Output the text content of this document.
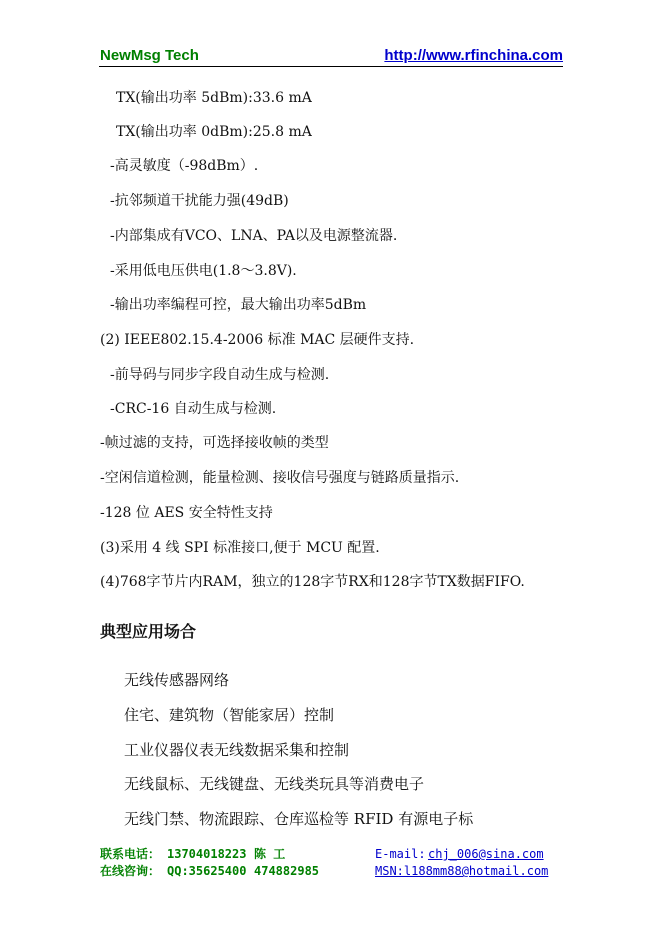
NewMsg Tech	http://www.rfinchina.com
TX(输出功率 5dBm):33.6 mA
TX(输出功率 0dBm):25.8 mA
-高灵敏度（-98dBm）.
-抗邻频道干扰能力强(49dB)
-内部集成有VCO、LNA、PA以及电源整流器.
-采用低电压供电(1.8～3.8V).
-输出功率编程可控，最大输出功率5dBm
(2) IEEE802.15.4-2006 标准 MAC 层硬件支持.
-前导码与同步字段自动生成与检测.
-CRC-16 自动生成与检测.
-帧过滤的支持，可选择接收帧的类型
-空闲信道检测，能量检测、接收信号强度与链路质量指示.
-128 位 AES 安全特性支持
(3)采用 4 线 SPI 标准接口,便于 MCU 配置.
(4)768字节片内RAM，独立的128字节RX和128字节TX数据FIFO.
典型应用场合
无线传感器网络
住宅、建筑物（智能家居）控制
工业仪器仪表无线数据采集和控制
无线鼠标、无线键盘、无线类玩具等消费电子
无线门禁、物流跟踪、仓库巡检等 RFID 有源电子标
联系电话： 13704018223 陈 工	E-mail: chj_006@sina.com
在线咨询： QQ:35625400 474882985	MSN:l188mm88@hotmail.com
